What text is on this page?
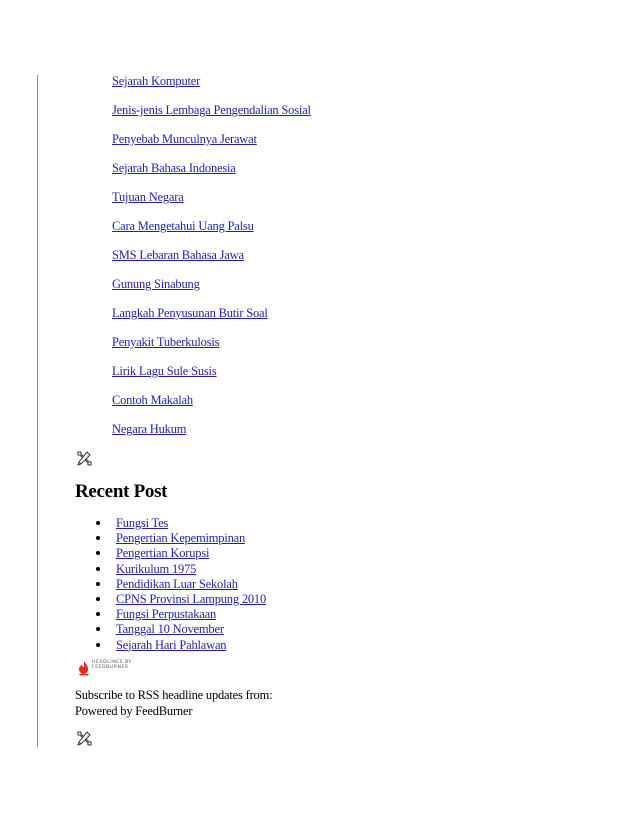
Sejarah Komputer
Jenis-jenis Lembaga Pengendalian Sosial
Penyebab Munculnya Jerawat
Sejarah Bahasa Indonesia
Tujuan Negara
Cara Mengetahui Uang Palsu
SMS Lebaran Bahasa Jawa
Gunung Sinabung
Langkah Penyusunan Butir Soal
Penyakit Tuberkulosis
Lirik Lagu Sule Susis
Contoh Makalah
Negara Hukum
Recent Post
Fungsi Tes
Pengertian Kepemimpinan
Pengertian Korupsi
Kurikulum 1975
Pendidikan Luar Sekolah
CPNS Provinsi Lampung 2010
Fungsi Perpustakaan
Tanggal 10 November
Sejarah Hari Pahlawan
HEADLINES BY
FEEDBURNER
Subscribe to RSS headline updates from:
Powered by FeedBurner
